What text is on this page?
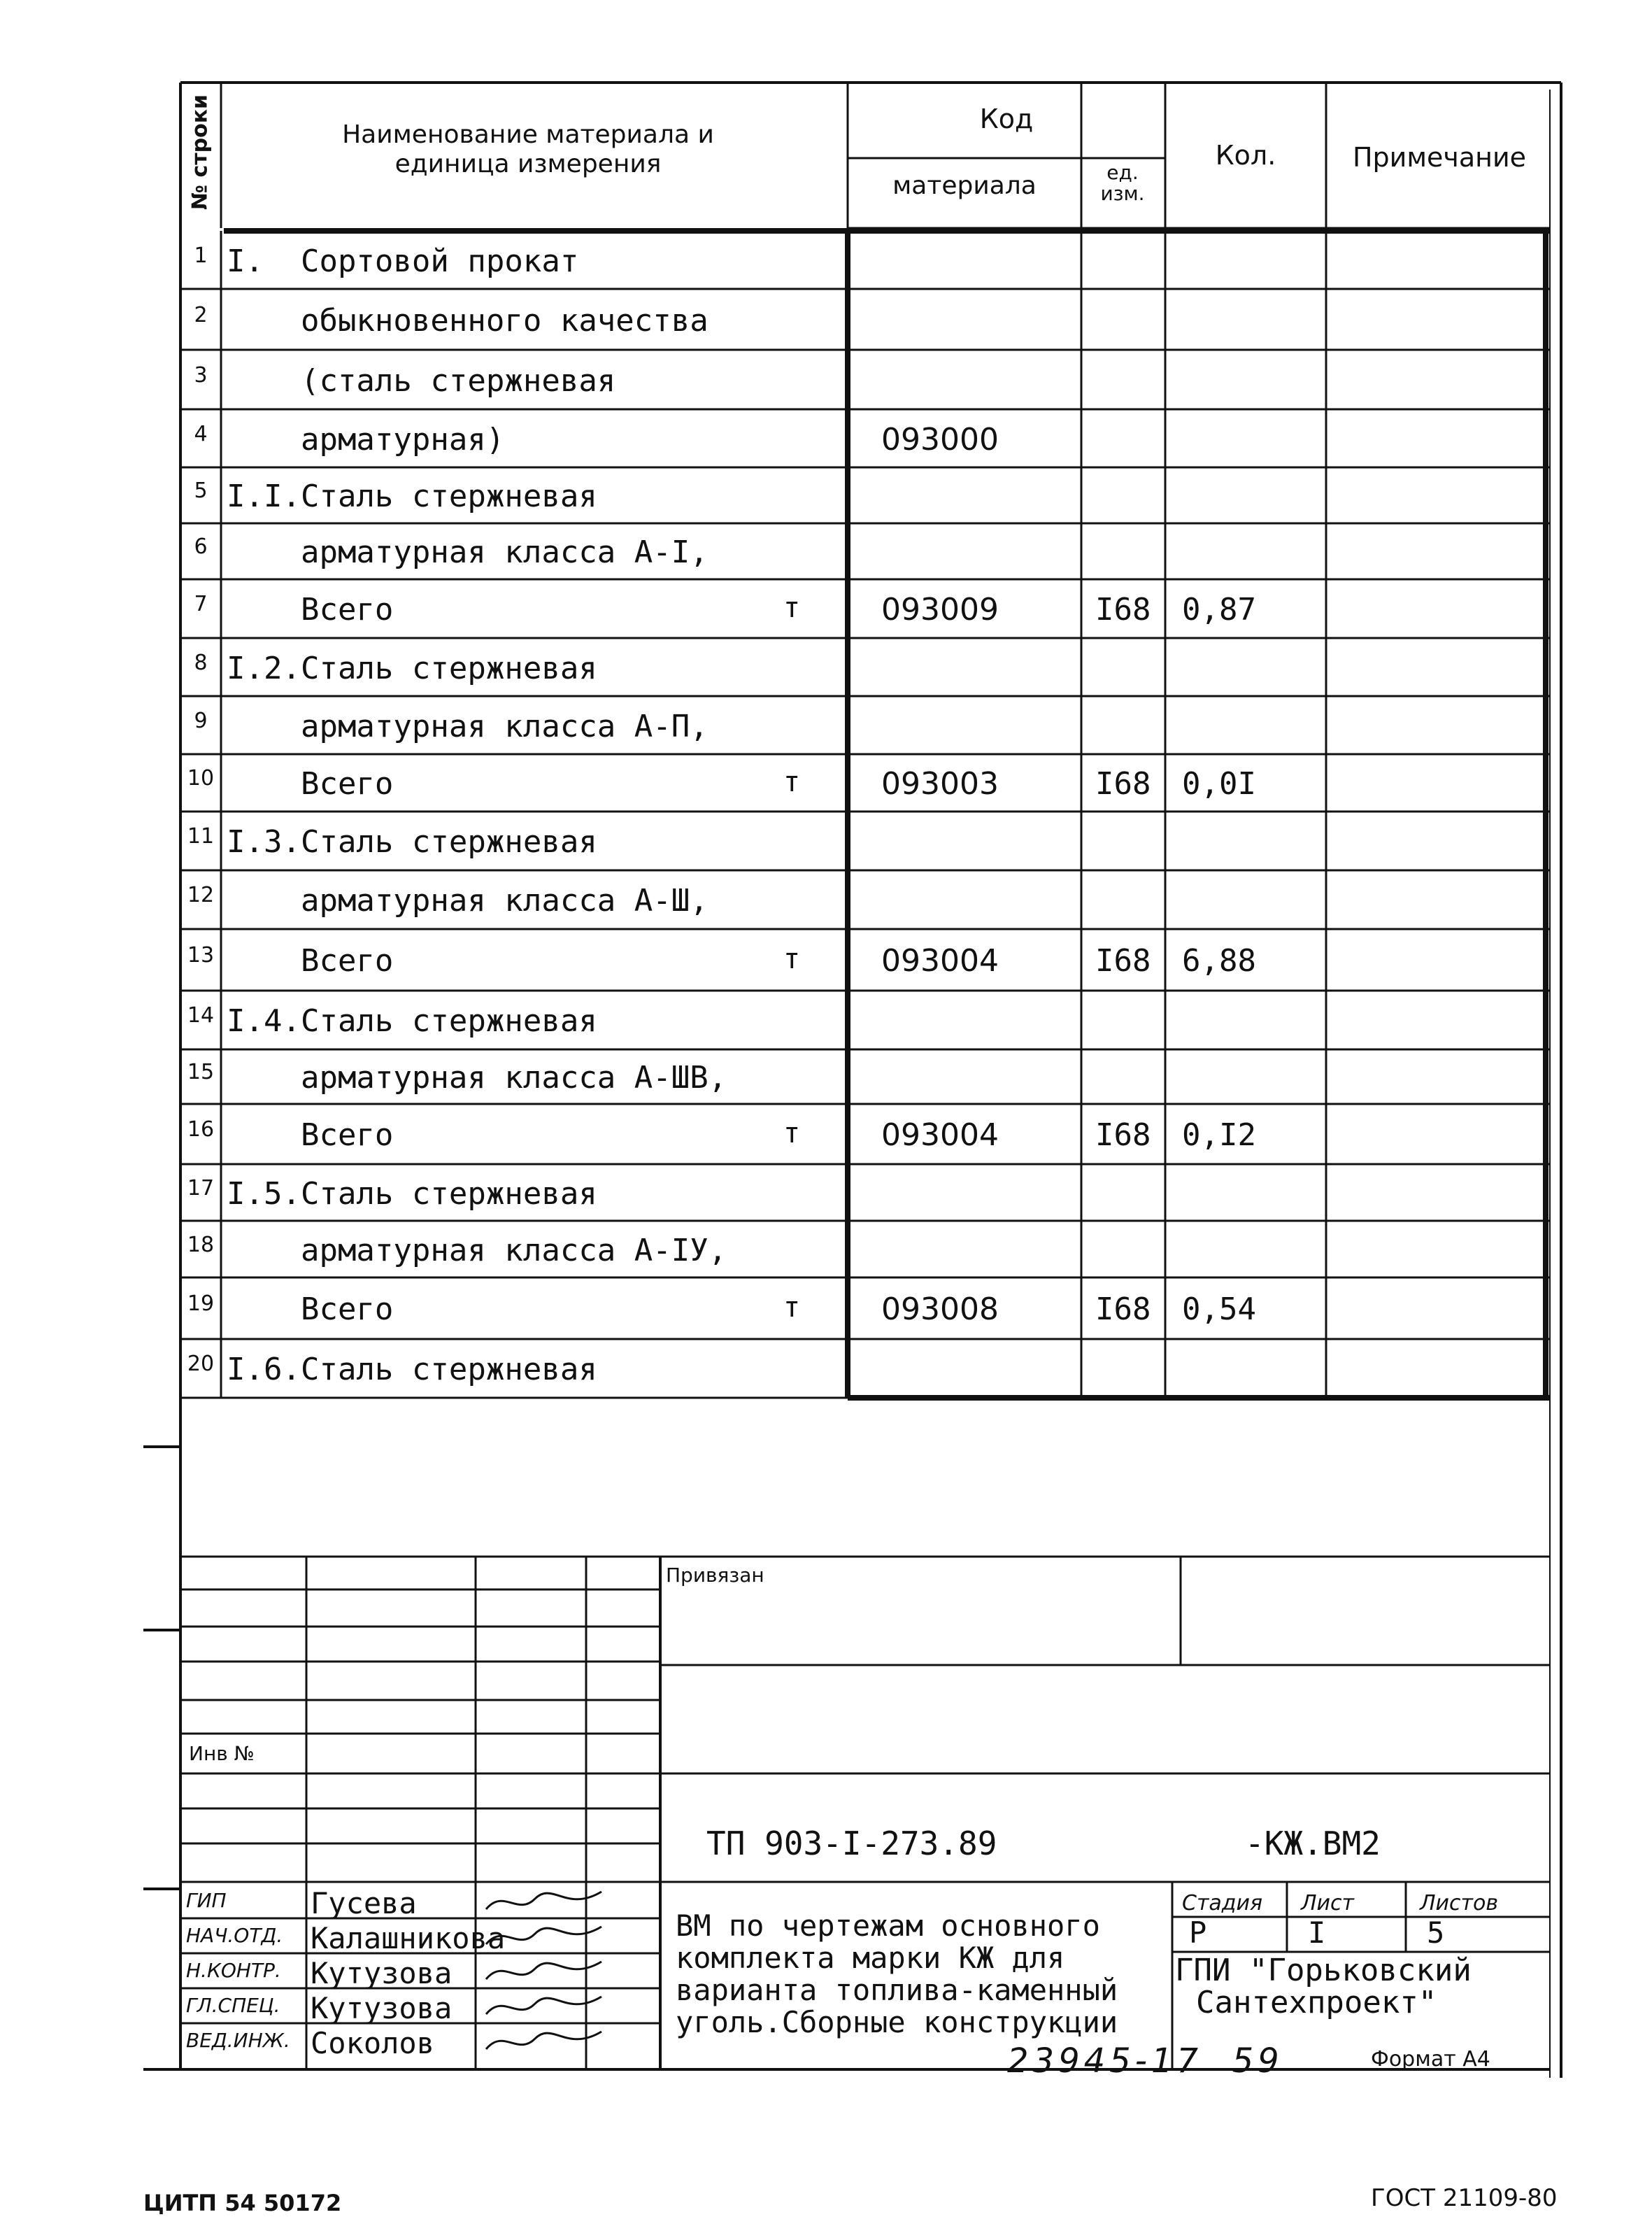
№ строки	Наименование материала и
единица измерения
Код
материала	ед.
изм.
Кол.	Примечание
1 I.  Сортовой прокат
2 обыкновенного качества
3 (сталь стержневая
4 арматурная)	093000
5 I.I.Сталь стержневая
6 арматурная класса А-I,
7 Всего	т	093009	I68 0,87
8 I.2.Сталь стержневая
9 арматурная класса А-П,
10 Всего	т	093003	I68 0,0I
11 I.3.Сталь стержневая
12 арматурная класса А-Ш,
13 Всего	т	093004	I68 6,88
14 I.4.Сталь стержневая
15 арматурная класса А-ШВ,
16 Всего	т	093004	I68 0,I2
17 I.5.Сталь стержневая
18 арматурная класса А-IУ,
19 Всего	т	093008	I68 0,54
20 I.6.Сталь стержневая
Привязан
Инв №
ТП 903-I-273.89	-КЖ.ВМ2
ГИП	Гусева
НАЧ.ОТД. Калашникова
Н.КОНТР. Кутузова
ГЛ.СПЕЦ. Кутузова
ВЕД.ИНЖ. Соколов
ВМ по чертежам основного
комплекта марки КЖ для
варианта топлива-каменный
уголь.Сборные конструкции
Стадия Лист	Листов
Р	I	5
ГПИ "Горьковский
Сантехпроект"
23945-17  59	Формат А4
ЦИТП 54 50172	ГОСТ 21109-80
